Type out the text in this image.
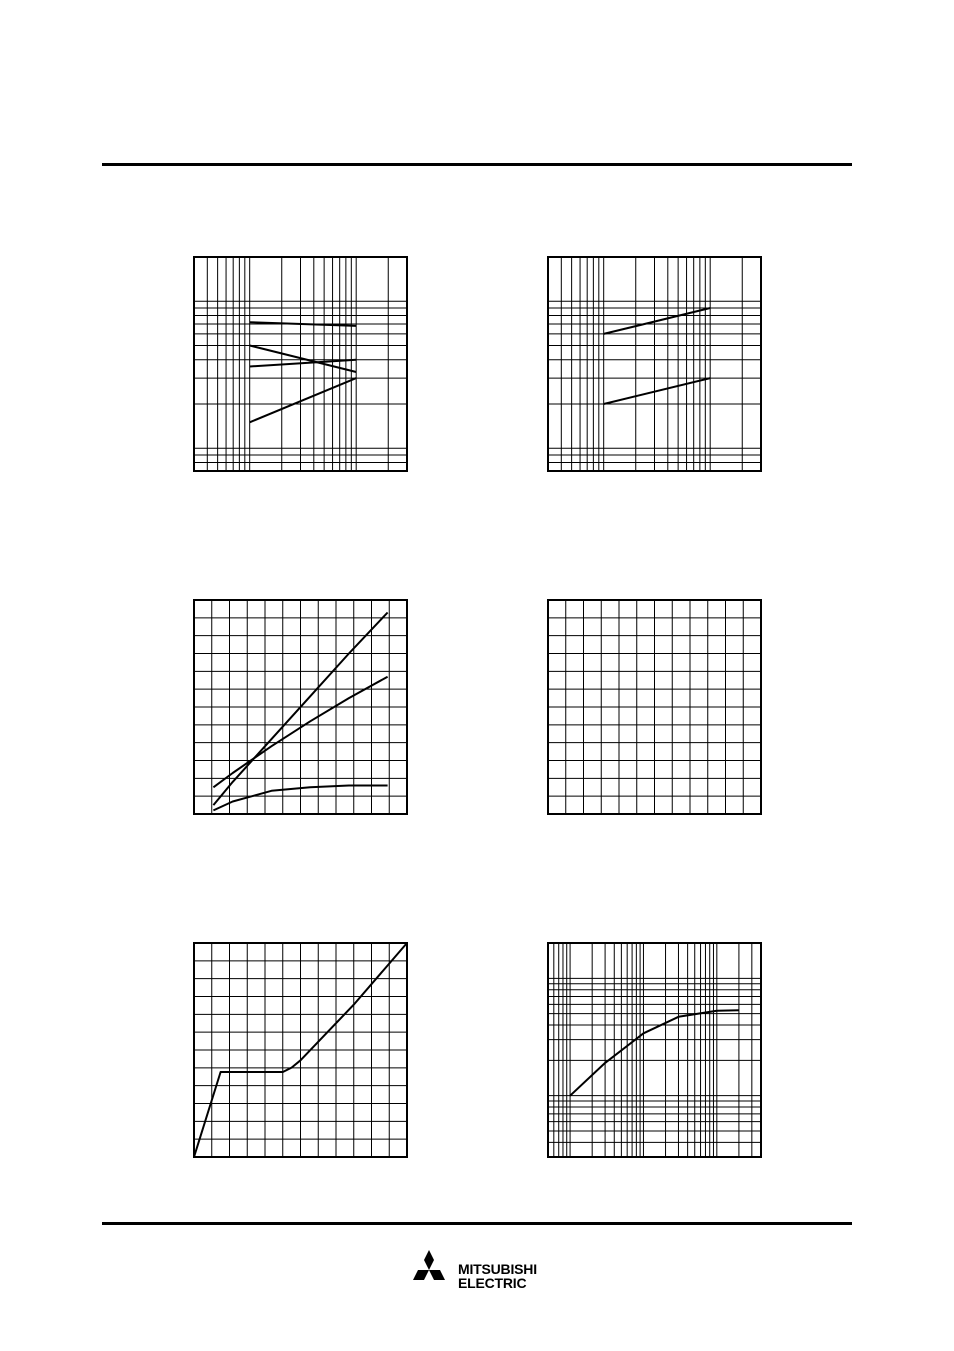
MITSUBISHI
ELECTRIC
